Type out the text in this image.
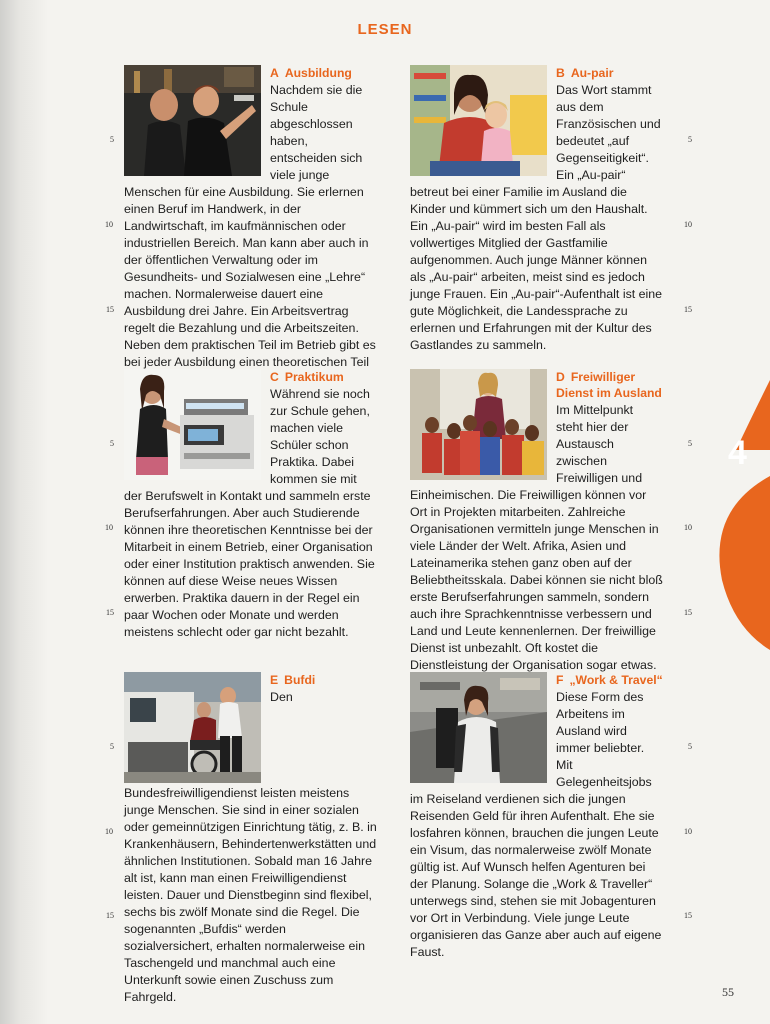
LESEN
A Ausbildung
Nachdem sie die Schule abgeschlossen haben, entscheiden sich viele junge Menschen für eine Ausbildung. Sie erlernen einen Beruf im Handwerk, in der Landwirtschaft, im kaufmännischen oder industriellen Bereich. Man kann aber auch in der öffentlichen Verwaltung oder im Gesundheits- und Sozialwesen eine „Lehre“ machen. Normalerweise dauert eine Ausbildung drei Jahre. Ein Arbeitsvertrag regelt die Bezahlung und die Arbeitszeiten. Neben dem praktischen Teil im Betrieb gibt es bei jeder Ausbildung einen theoretischen Teil
5
10
15
B Au-pair
Das Wort stammt aus dem Französischen und bedeutet „auf Gegenseitigkeit“. Ein „Au-pair“ betreut bei einer Familie im Ausland die Kinder und kümmert sich um den Haushalt. Ein „Au-pair“ wird im besten Fall als vollwertiges Mitglied der Gastfamilie aufgenommen. Auch junge Männer können als „Au-pair“ arbeiten, meist sind es jedoch junge Frauen. Ein „Au-pair“-Aufenthalt ist eine gute Möglichkeit, die Landessprache zu erlernen und Erfahrungen mit der Kultur des Gastlandes zu sammeln.
5
10
15
C Praktikum
Während sie noch zur Schule gehen, machen viele Schüler schon Praktika. Dabei kommen sie mit der Berufswelt in Kontakt und sammeln erste Berufserfahrungen. Aber auch Studierende können ihre theoretischen Kenntnisse bei der Mitarbeit in einem Betrieb, einer Organisation oder einer Institution praktisch anwenden. Sie können auf diese Weise neues Wissen erwerben. Praktika dauern in der Regel ein paar Wochen oder Monate und werden meistens schlecht oder gar nicht bezahlt.
5
10
15
D Freiwilliger Dienst im Ausland
Im Mittelpunkt steht hier der Austausch zwischen Freiwilligen und Einheimischen. Die Freiwilligen können vor Ort in Projekten mitarbeiten. Zahlreiche Organisationen vermitteln junge Menschen in viele Länder der Welt. Afrika, Asien und Lateinamerika stehen ganz oben auf der Beliebtheitsskala. Dabei können sie nicht bloß erste Berufserfahrungen sammeln, sondern auch ihre Sprachkenntnisse verbessern und Land und Leute kennenlernen. Der freiwillige Dienst ist unbezahlt. Oft kostet die Dienstleistung der Organisation sogar etwas.
5
10
15
E Bufdi
Den Bundesfreiwilligendienst leisten meistens junge Menschen. Sie sind in einer sozialen oder gemeinnützigen Einrichtung tätig, z. B. in Krankenhäusern, Behindertenwerkstätten und ähnlichen Institutionen. Sobald man 16 Jahre alt ist, kann man einen Freiwilligendienst leisten. Dauer und Dienstbeginn sind flexibel, sechs bis zwölf Monate sind die Regel. Die sogenannten „Bufdis“ werden sozialversichert, erhalten normalerweise ein Taschengeld und manchmal auch eine Unterkunft sowie einen Zuschuss zum Fahrgeld.
5
10
15
F „Work & Travel“
Diese Form des Arbeitens im Ausland wird immer beliebter. Mit Gelegenheitsjobs im Reiseland verdienen sich die jungen Reisenden Geld für ihren Aufenthalt. Ehe sie losfahren können, brauchen die jungen Leute ein Visum, das normalerweise zwölf Monate gültig ist. Auf Wunsch helfen Agenturen bei der Planung. Solange die „Work & Traveller“ unterwegs sind, stehen sie mit Jobagenturen vor Ort in Verbindung. Viele junge Leute organisieren das Ganze aber auch auf eigene Faust.
5
10
15
4
55
